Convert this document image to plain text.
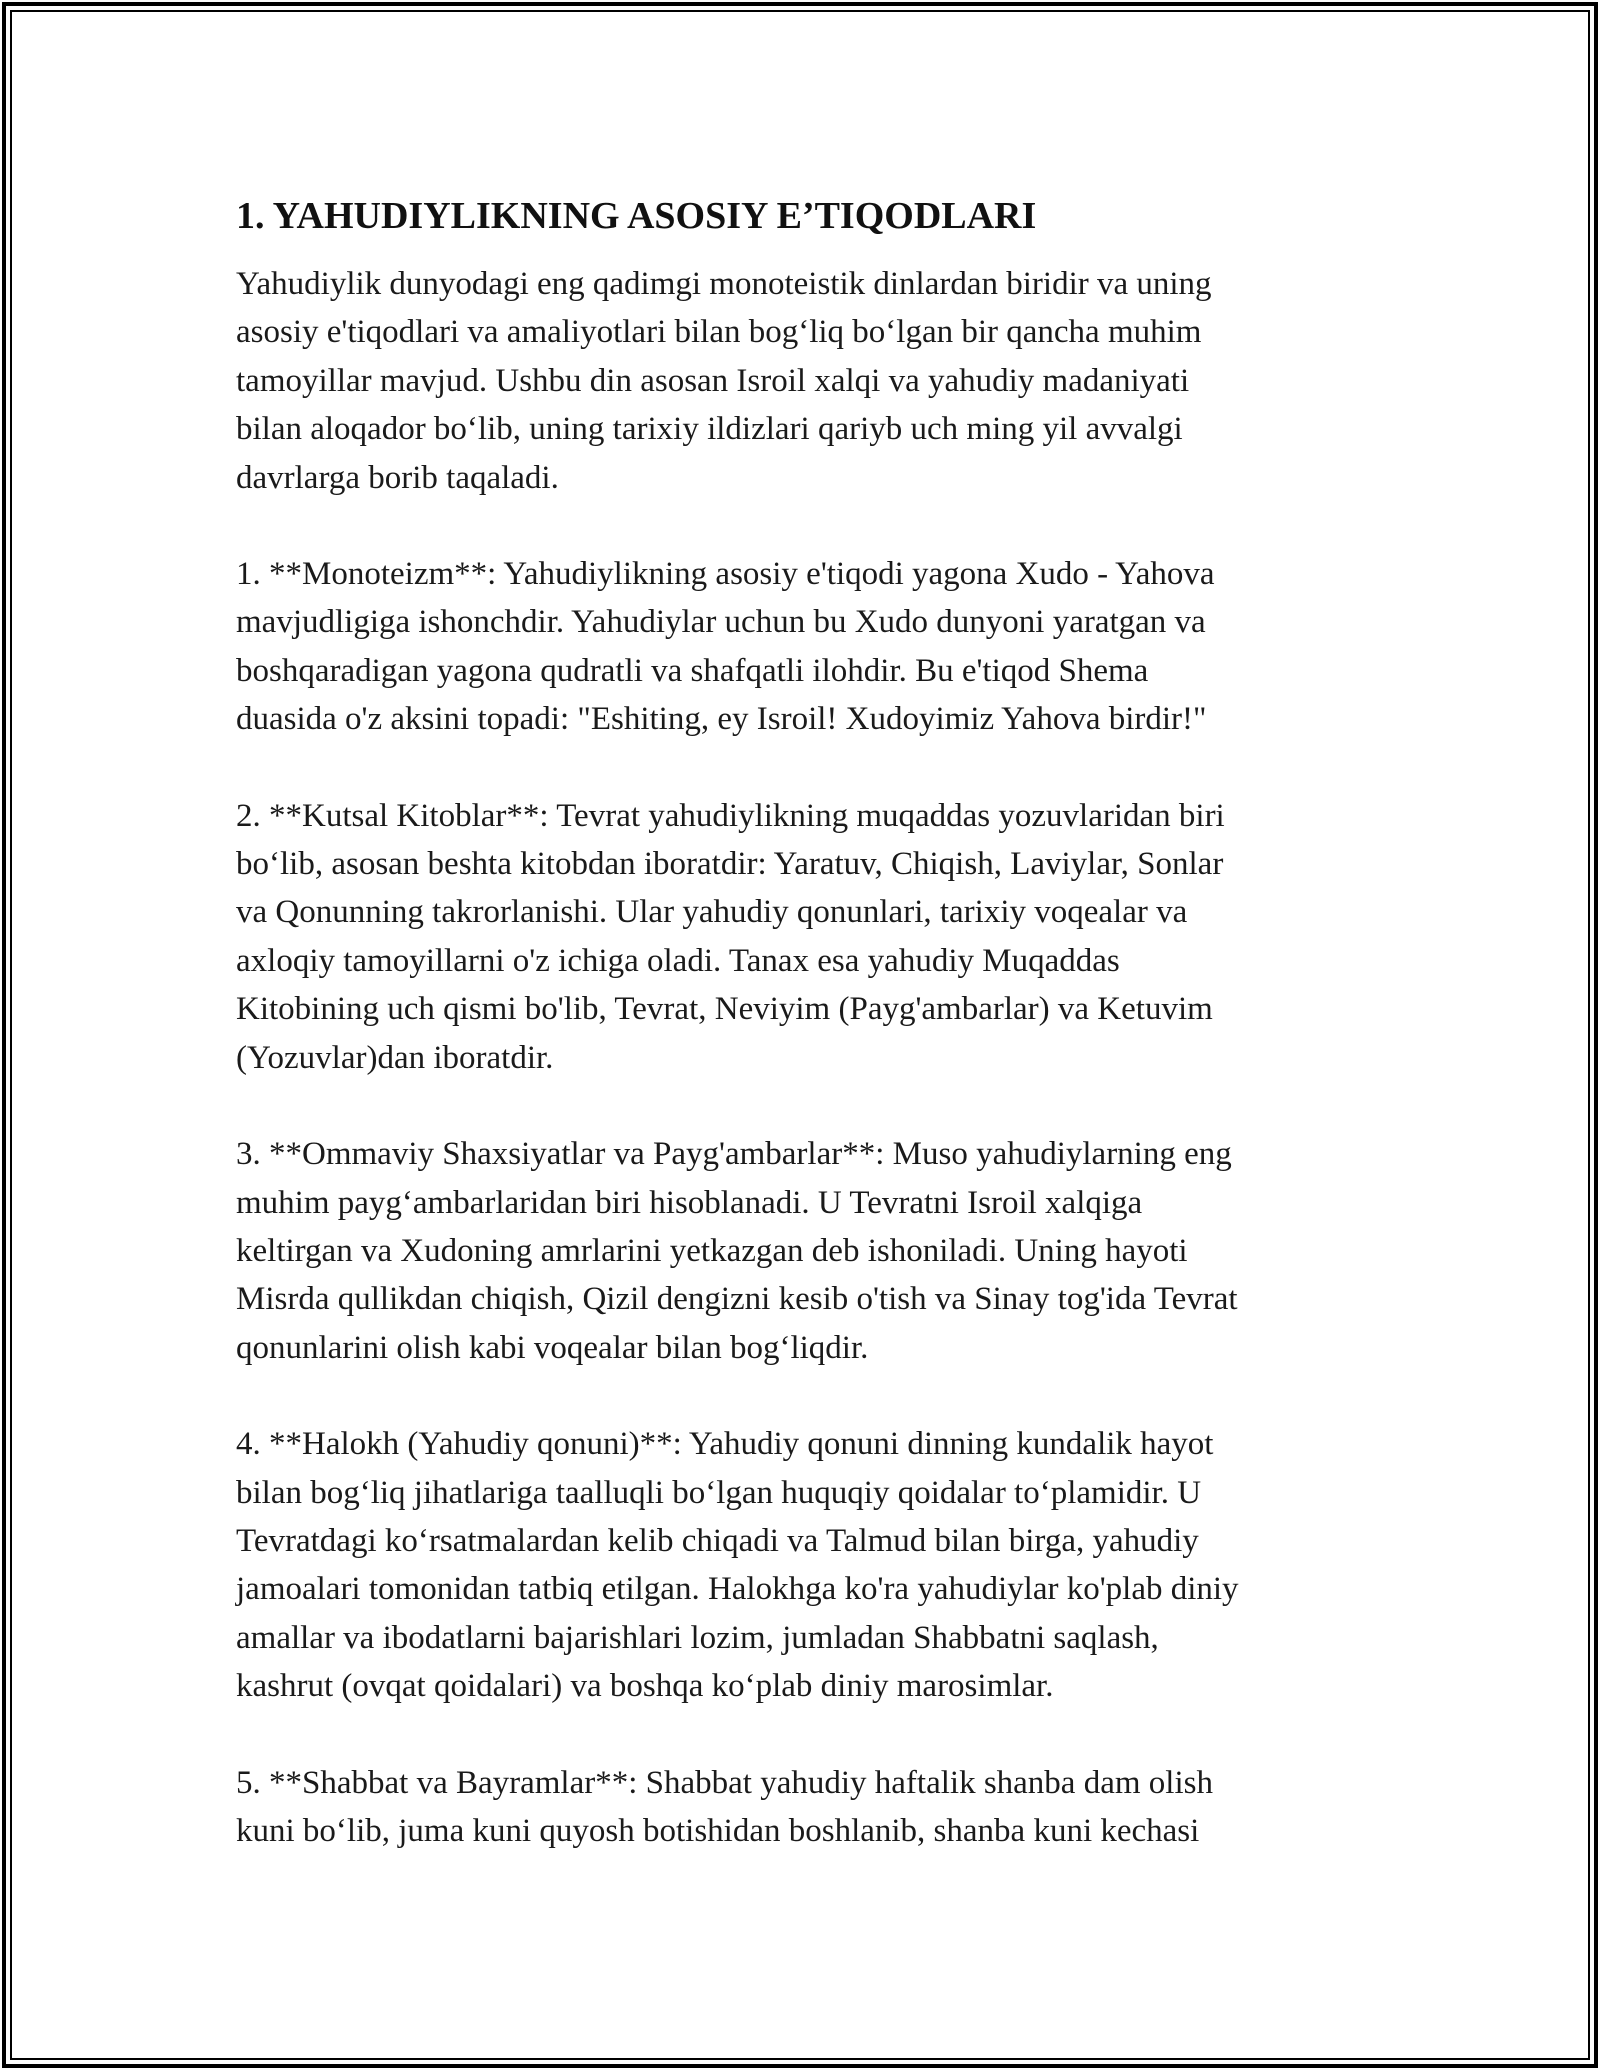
1. YAHUDIYLIKNING ASOSIY E’TIQODLARI

Yahudiylik dunyodagi eng qadimgi monoteistik dinlardan biridir va uning
asosiy e'tiqodlari va amaliyotlari bilan bog‘liq bo‘lgan bir qancha muhim
tamoyillar mavjud. Ushbu din asosan Isroil xalqi va yahudiy madaniyati
bilan aloqador bo‘lib, uning tarixiy ildizlari qariyb uch ming yil avvalgi
davrlarga borib taqaladi.

1. **Monoteizm**: Yahudiylikning asosiy e'tiqodi yagona Xudo - Yahova
mavjudligiga ishonchdir. Yahudiylar uchun bu Xudo dunyoni yaratgan va
boshqaradigan yagona qudratli va shafqatli ilohdir. Bu e'tiqod Shema
duasida o'z aksini topadi: "Eshiting, ey Isroil! Xudoyimiz Yahova birdir!"

2. **Kutsal Kitoblar**: Tevrat yahudiylikning muqaddas yozuvlaridan biri
bo‘lib, asosan beshta kitobdan iboratdir: Yaratuv, Chiqish, Laviylar, Sonlar
va Qonunning takrorlanishi. Ular yahudiy qonunlari, tarixiy voqealar va
axloqiy tamoyillarni o'z ichiga oladi. Tanax esa yahudiy Muqaddas
Kitobining uch qismi bo'lib, Tevrat, Neviyim (Payg'ambarlar) va Ketuvim
(Yozuvlar)dan iboratdir.

3. **Ommaviy Shaxsiyatlar va Payg'ambarlar**: Muso yahudiylarning eng
muhim payg‘ambarlaridan biri hisoblanadi. U Tevratni Isroil xalqiga
keltirgan va Xudoning amrlarini yetkazgan deb ishoniladi. Uning hayoti
Misrda qullikdan chiqish, Qizil dengizni kesib o'tish va Sinay tog'ida Tevrat
qonunlarini olish kabi voqealar bilan bog‘liqdir.

4. **Halokh (Yahudiy qonuni)**: Yahudiy qonuni dinning kundalik hayot
bilan bog‘liq jihatlariga taalluqli bo‘lgan huquqiy qoidalar to‘plamidir. U
Tevratdagi ko‘rsatmalardan kelib chiqadi va Talmud bilan birga, yahudiy
jamoalari tomonidan tatbiq etilgan. Halokhga ko'ra yahudiylar ko'plab diniy
amallar va ibodatlarni bajarishlari lozim, jumladan Shabbatni saqlash,
kashrut (ovqat qoidalari) va boshqa ko‘plab diniy marosimlar.

5. **Shabbat va Bayramlar**: Shabbat yahudiy haftalik shanba dam olish
kuni bo‘lib, juma kuni quyosh botishidan boshlanib, shanba kuni kechasi
